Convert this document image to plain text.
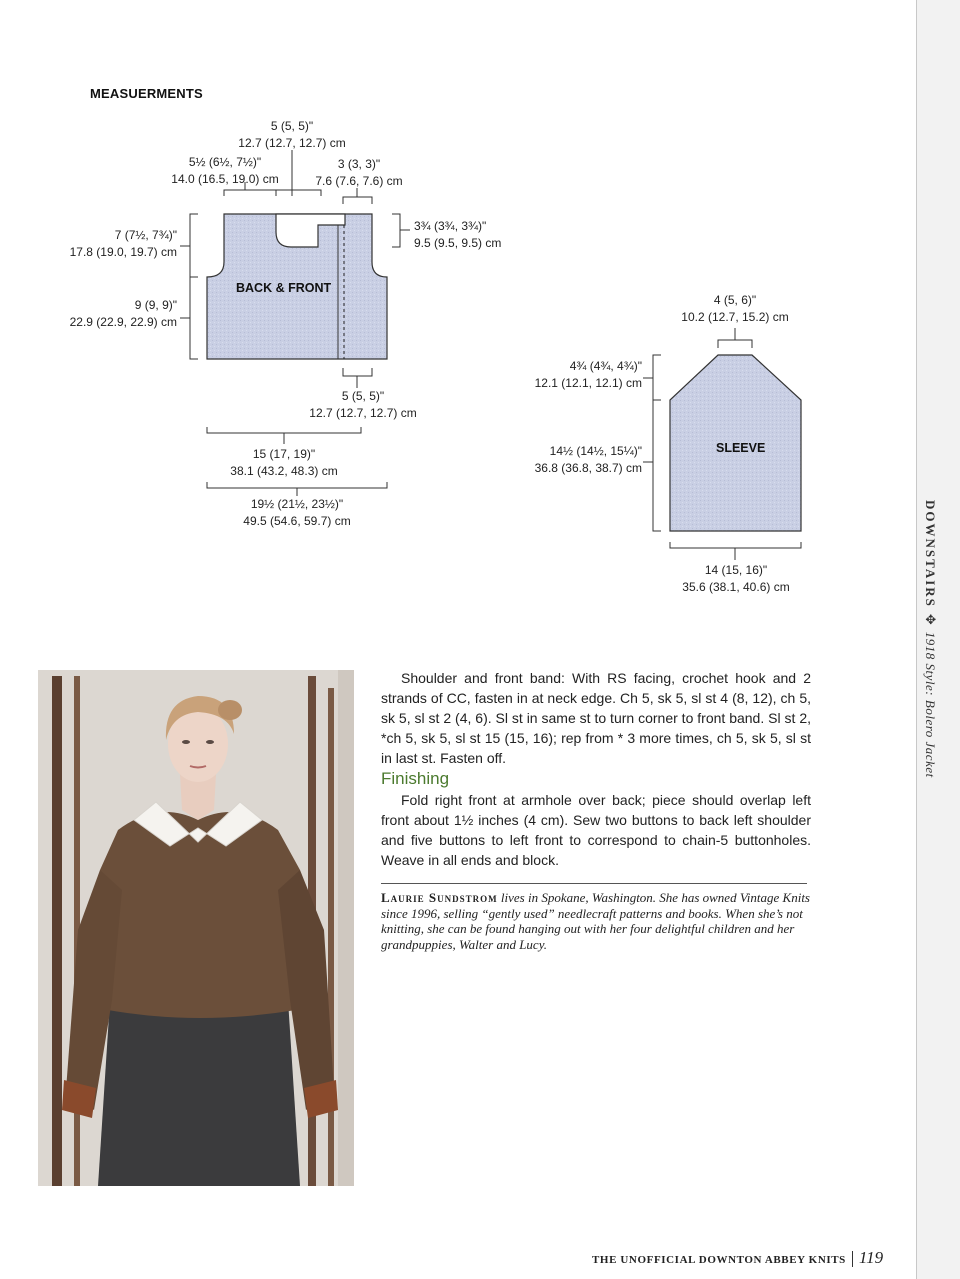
DOWNSTAIRS✥1918 Style: Bolero Jacket
MEASUERMENTS
BACK & FRONT
SLEEVE
5 (5, 5)"
12.7 (12.7, 12.7) cm
5½ (6½, 7½)"
14.0 (16.5, 19.0) cm
3 (3, 3)"
7.6 (7.6, 7.6) cm
7 (7½, 7¾)"
17.8 (19.0, 19.7) cm
3¾ (3¾, 3¾)"
9.5 (9.5, 9.5) cm
9 (9, 9)"
22.9 (22.9, 22.9) cm
5 (5, 5)"
12.7 (12.7, 12.7) cm
15 (17, 19)"
38.1 (43.2, 48.3) cm
19½ (21½, 23½)"
49.5 (54.6, 59.7) cm
4 (5, 6)"
10.2 (12.7, 15.2) cm
4¾ (4¾, 4¾)"
12.1 (12.1, 12.1) cm
14½ (14½, 15¼)"
36.8 (36.8, 38.7) cm
14 (15, 16)"
35.6 (38.1, 40.6) cm

Shoulder and front band: With RS facing, crochet hook and 2 strands of CC, fasten in at neck edge. Ch 5, sk 5, sl st 4 (8, 12), ch 5, sk 5, sl st 2 (4, 6). Sl st in same st to turn corner to front band. Sl st 2, *ch 5, sk 5, sl st 15 (15, 16); rep from * 3 more times, ch 5, sk 5, sl st in last st. Fasten off.

Finishing

Fold right front at armhole over back; piece should overlap left front about 1½ inches (4 cm). Sew two buttons to back left shoulder and five buttons to left front to correspond to chain-5 buttonholes. Weave in all ends and block.

Laurie Sundstrom lives in Spokane, Washington. She has owned Vintage Knits since 1996, selling “gently used” needlecraft patterns and books. When she’s not knitting, she can be found hanging out with her four delightful children and her grandpuppies, Walter and Lucy.
THE UNOFFICIAL DOWNTON ABBEY KNITS 119
